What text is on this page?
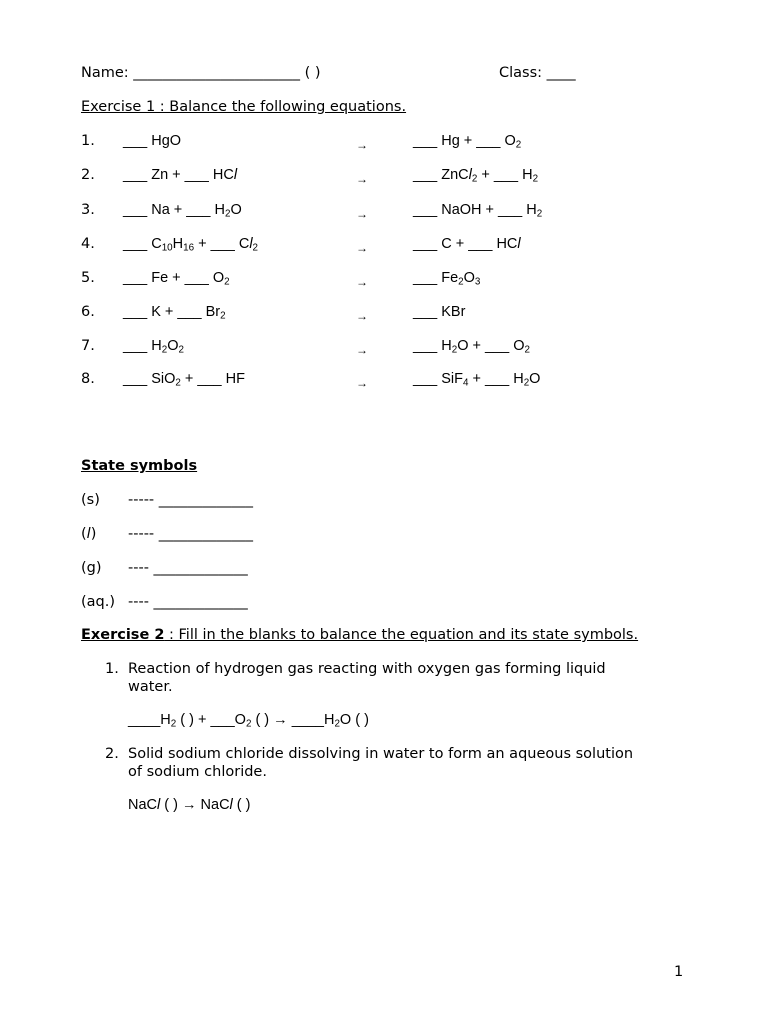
Name: _______________________ ( )	Class: ____
Exercise 1 : Balance the following equations.
1. ___ HgO	→	___ Hg + ___ $O_2$
2. ___ Zn + ___ HCl	→	___ ZnCl$_2$ + ___ $H_2$
3. ___ Na + ___ $H_2O$	→	___ NaOH + ___ $H_2$
4. ___ $C_{10}H_{16}$ + ___ $Cl_2$	→	___ C + ___ HCl
5. ___ Fe + ___ $O_2$	→	___ $Fe_2O_3$
6. ___ K + ___ $Br_2$	→	___ KBr
7. ___ $H_2O_2$	→	___ $H_2O$ + ___ $O_2$
8. ___ SiO$_2$ + ___ HF	→	___ SiF$_4$ + ___ $H_2O$
State symbols
(s) ----- _____________
(l) ----- _____________
(g) ---- _____________
(aq.) ---- _____________
Exercise 2 : Fill in the blanks to balance the equation and its state symbols.
1. Reaction of hydrogen gas reacting with oxygen gas forming liquid
water.
$\_\_\_\_H_2$ ( ) + $\_\_\_O_2$ ( ) → $\_\_\_\_H_2O$ ( )
2. Solid sodium chloride dissolving in water to form an aqueous solution
of sodium chloride.
NaCl ( ) → NaCl ( )
1
